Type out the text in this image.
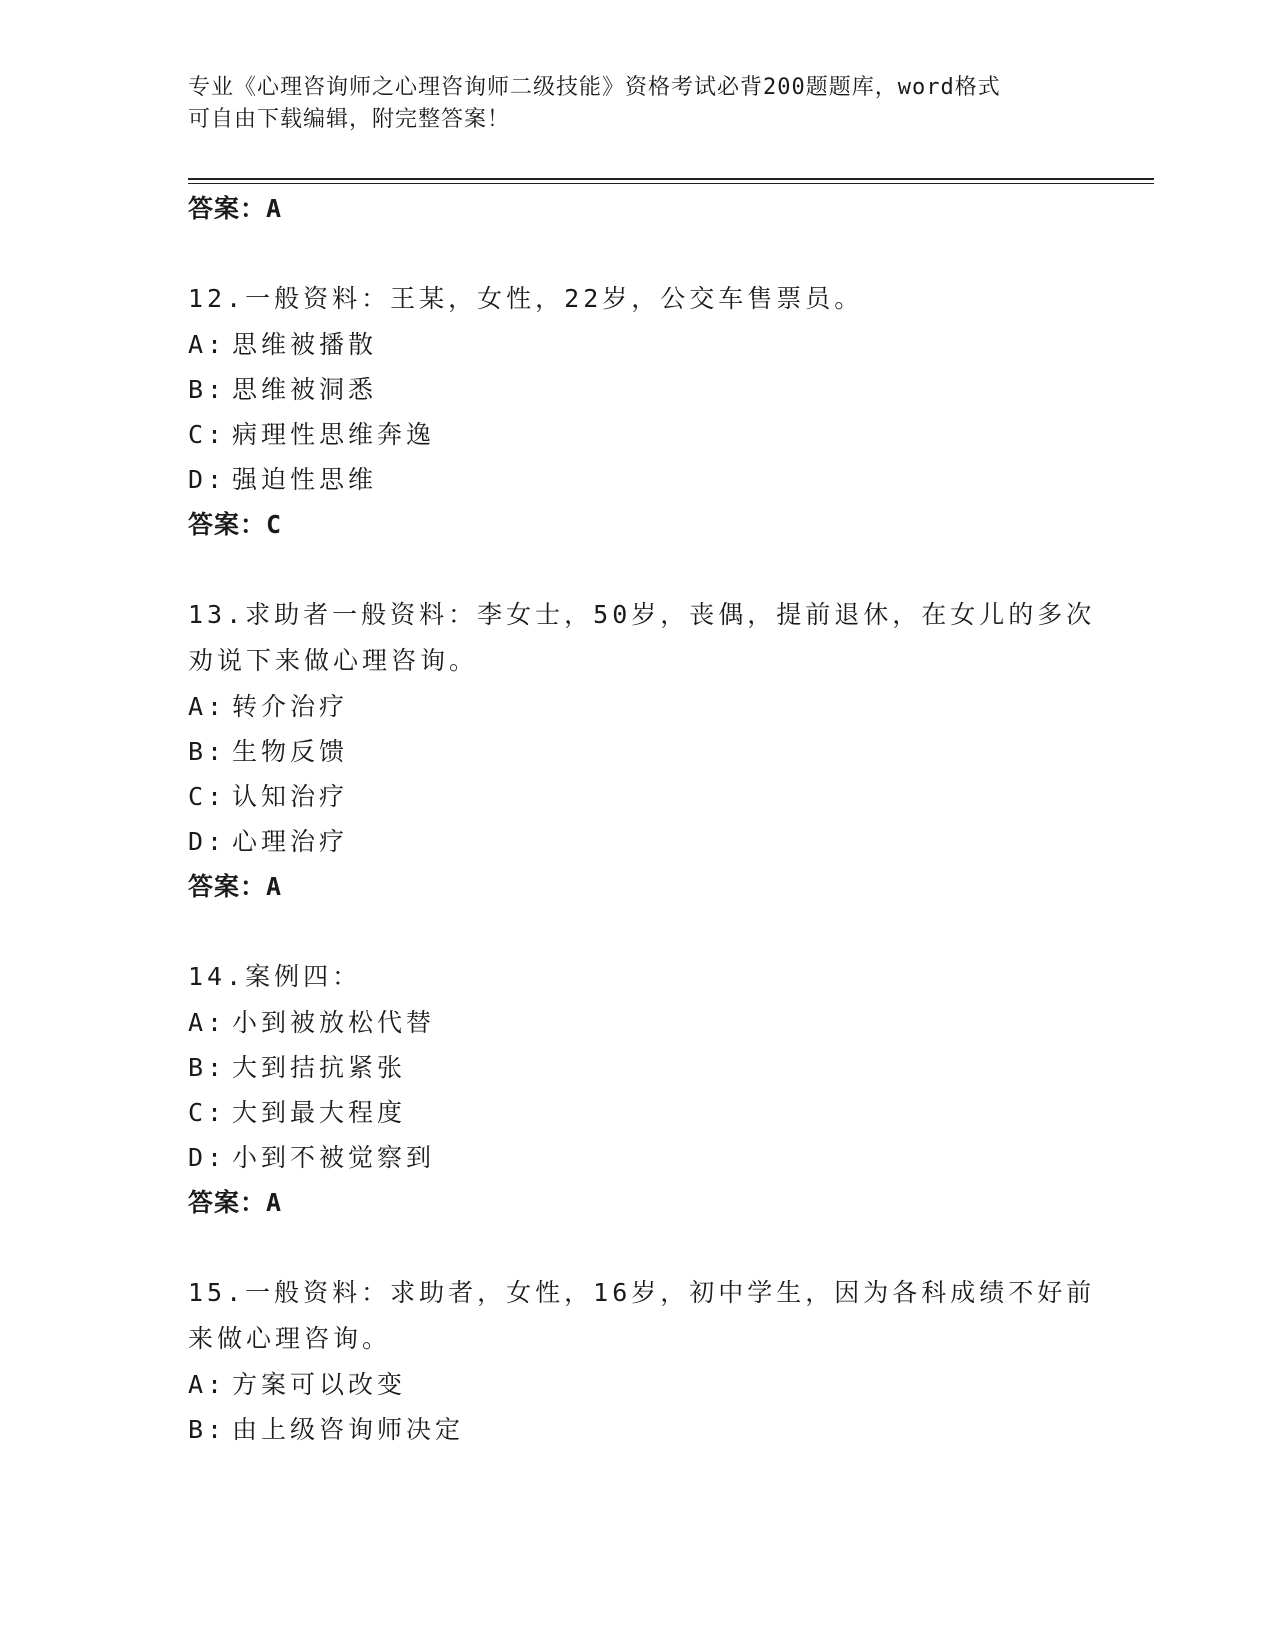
专业《心理咨询师之心理咨询师二级技能》资格考试必背200题题库，word格式
可自由下载编辑，附完整答案！
答案：A
12.一般资料：王某，女性，22岁，公交车售票员。
A: 思维被播散
B: 思维被洞悉
C: 病理性思维奔逸
D: 强迫性思维
答案：C
13.求助者一般资料：李女士，50岁，丧偶，提前退休，在女儿的多次
劝说下来做心理咨询。
A: 转介治疗
B: 生物反馈
C: 认知治疗
D: 心理治疗
答案：A
14.案例四：
A: 小到被放松代替
B: 大到拮抗紧张
C: 大到最大程度
D: 小到不被觉察到
答案：A
15.一般资料：求助者，女性，16岁，初中学生，因为各科成绩不好前
来做心理咨询。
A: 方案可以改变
B: 由上级咨询师决定
